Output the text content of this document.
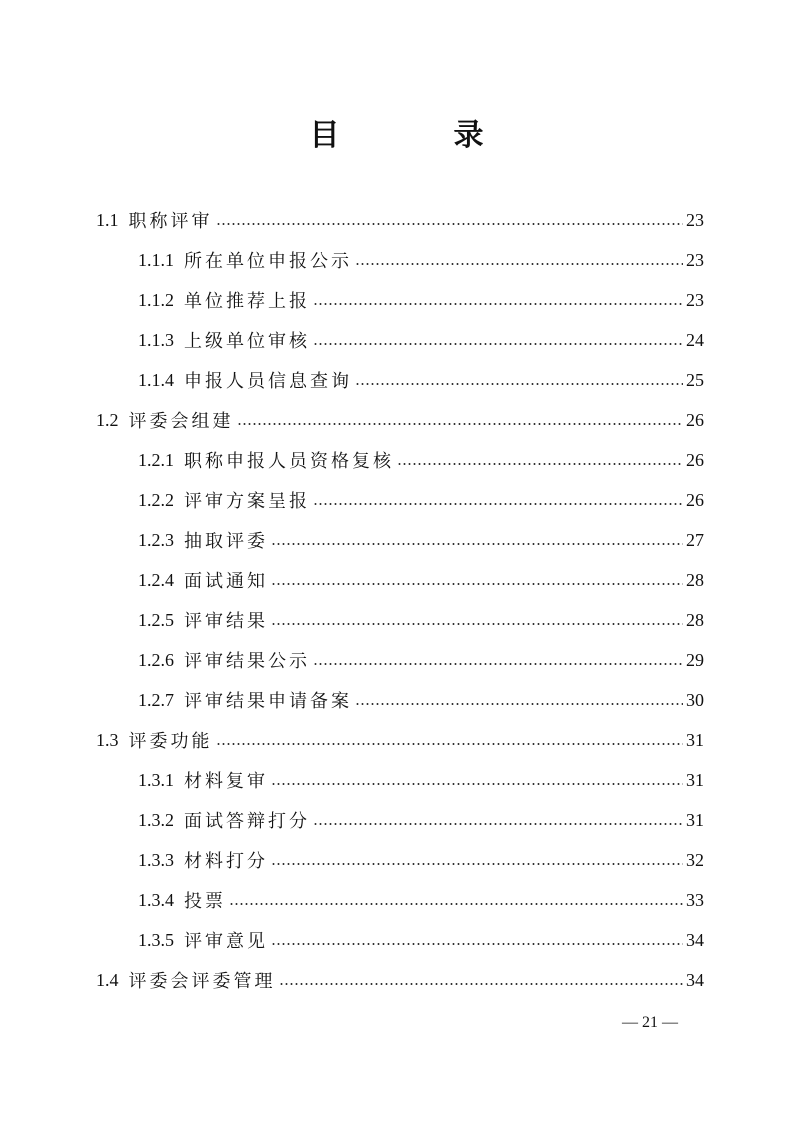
目　录
1.1 职称评审	23
1.1.1 所在单位申报公示	23
1.1.2 单位推荐上报	23
1.1.3 上级单位审核	24
1.1.4 申报人员信息查询	25
1.2 评委会组建	26
1.2.1 职称申报人员资格复核	26
1.2.2 评审方案呈报	26
1.2.3 抽取评委	27
1.2.4 面试通知	28
1.2.5 评审结果	28
1.2.6 评审结果公示	29
1.2.7 评审结果申请备案	30
1.3 评委功能	31
1.3.1 材料复审	31
1.3.2 面试答辩打分	31
1.3.3 材料打分	32
1.3.4 投票	33
1.3.5 评审意见	34
1.4 评委会评委管理	34
— 21 —
